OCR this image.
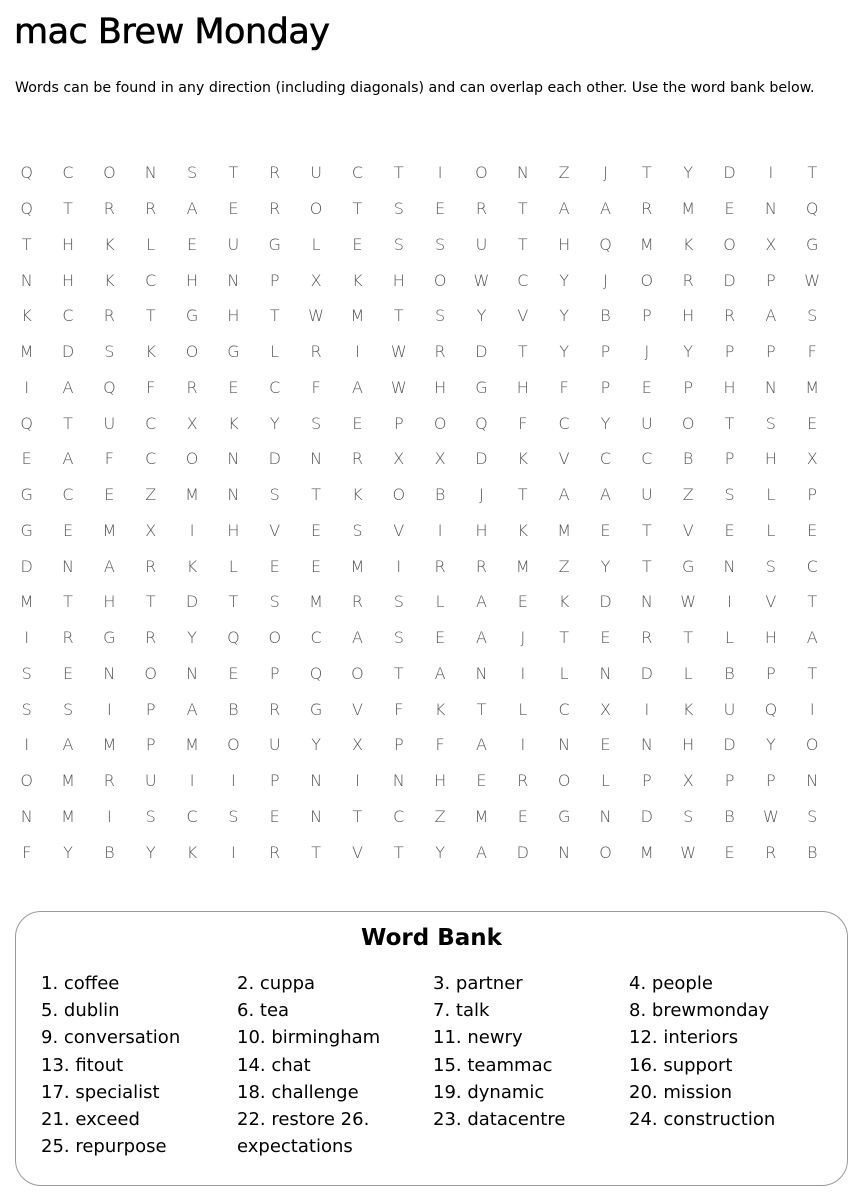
mac Brew Monday

Words can be found in any direction (including diagonals) and can overlap each other. Use the word bank below.

Q	C	O	N	S	T	R	U	C	T	I	O	N	Z	J	T	Y	D	I	T
Q	T	R	R	A	E	R	O	T	S	E	R	T	A	A	R	M	E	N	Q
T	H	K	L	E	U	G	L	E	S	S	U	T	H	Q	M	K	O	X	G
N	H	K	C	H	N	P	X	K	H	O	W	C	Y	J	O	R	D	P	W
K	C	R	T	G	H	T	W	M	T	S	Y	V	Y	B	P	H	R	A	S
M	D	S	K	O	G	L	R	I	W	R	D	T	Y	P	J	Y	P	P	F
I	A	Q	F	R	E	C	F	A	W	H	G	H	F	P	E	P	H	N	M
Q	T	U	C	X	K	Y	S	E	P	O	Q	F	C	Y	U	O	T	S	E
E	A	F	C	O	N	D	N	R	X	X	D	K	V	C	C	B	P	H	X
G	C	E	Z	M	N	S	T	K	O	B	J	T	A	A	U	Z	S	L	P
G	E	M	X	I	H	V	E	S	V	I	H	K	M	E	T	V	E	L	E
D	N	A	R	K	L	E	E	M	I	R	R	M	Z	Y	T	G	N	S	C
M	T	H	T	D	T	S	M	R	S	L	A	E	K	D	N	W	I	V	T
I	R	G	R	Y	Q	O	C	A	S	E	A	J	T	E	R	T	L	H	A
S	E	N	O	N	E	P	Q	O	T	A	N	I	L	N	D	L	B	P	T
S	S	I	P	A	B	R	G	V	F	K	T	L	C	X	I	K	U	Q	I
I	A	M	P	M	O	U	Y	X	P	F	A	I	N	E	N	H	D	Y	O
O	M	R	U	I	I	P	N	I	N	H	E	R	O	L	P	X	P	P	N
N	M	I	S	C	S	E	N	T	C	Z	M	E	G	N	D	S	B	W	S
F	Y	B	Y	K	I	R	T	V	T	Y	A	D	N	O	M	W	E	R	B
Word Bank
1. coffee	2. cuppa	3. partner	4. people
5. dublin	6. tea	7. talk	8. brewmonday
9. conversation	10. birmingham	11. newry	12. interiors
13. fitout	14. chat	15. teammac	16. support
17. specialist	18. challenge	19. dynamic	20. mission
21. exceed	22. restore 26. expectations
23. datacentre	24. construction
25. repurpose
